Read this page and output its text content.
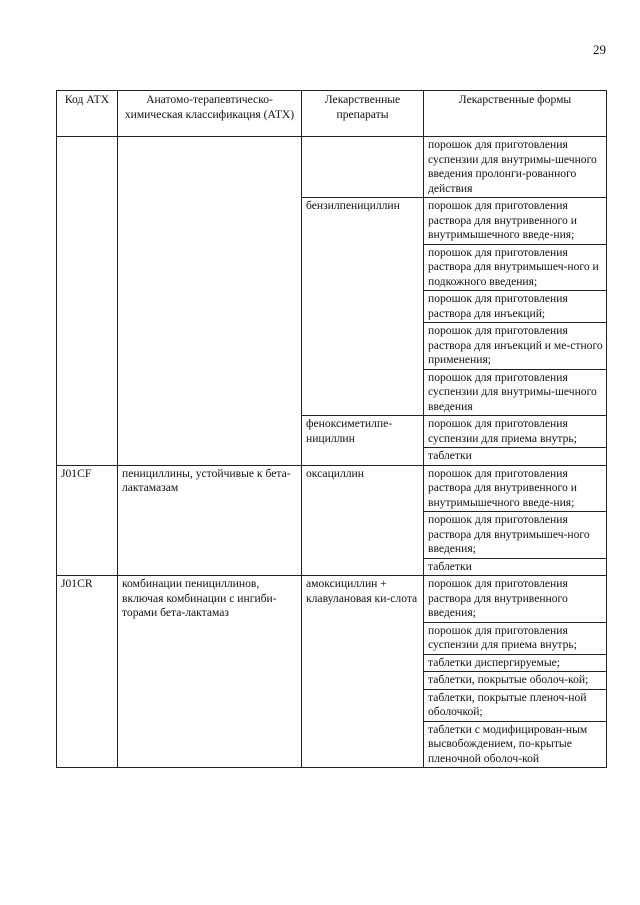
29
Код АТХ	Анатомо-терапевтическо-химическая классификация (АТХ)	Лекарственные препараты	Лекарственные формы
			порошок для приготовления суспензии для внутримы-шечного введения пролонги-рованного действия
		бензилпенициллин	порошок для приготовления раствора для внутривенного и внутримышечного введе-ния;
			порошок для приготовления раствора для внутримышеч-ного и подкожного введения;
			порошок для приготовления раствора для инъекций;
			порошок для приготовления раствора для инъекций и ме-стного применения;
			порошок для приготовления суспензии для внутримы-шечного введения
		феноксиметилпе-нициллин	порошок для приготовления суспензии для приема внутрь;
			таблетки
J01CF	пенициллины, устойчивые к бета-лактамазам	оксациллин	порошок для приготовления раствора для внутривенного и внутримышечного введе-ния;
			порошок для приготовления раствора для внутримышеч-ного введения;
			таблетки
J01CR	комбинации пенициллинов, включая комбинации с ингиби-торами бета-лактамаз	амоксициллин + клавулановая ки-слота	порошок для приготовления раствора для внутривенного введения;
			порошок для приготовления суспензии для приема внутрь;
			таблетки диспергируемые;
			таблетки, покрытые оболоч-кой;
			таблетки, покрытые пленоч-ной оболочкой;
			таблетки с модифицирован-ным высвобождением, по-крытые пленочной оболоч-кой
